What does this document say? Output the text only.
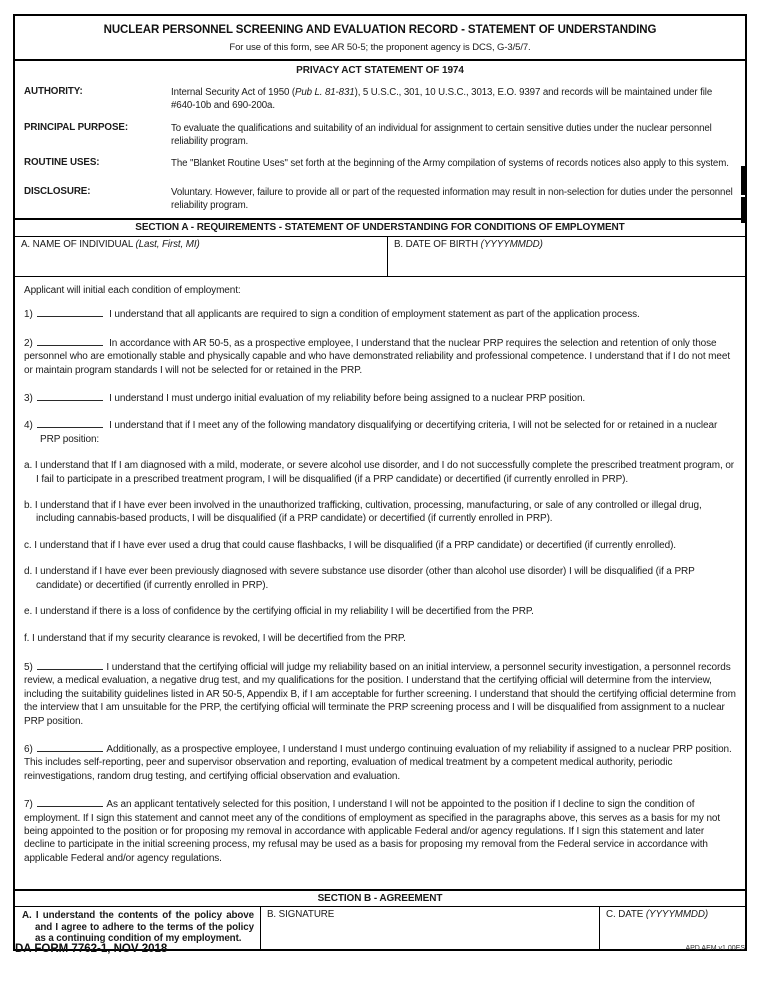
NUCLEAR PERSONNEL SCREENING AND EVALUATION RECORD - STATEMENT OF UNDERSTANDING
For use of this form, see AR 50-5; the proponent agency is DCS, G-3/5/7.
PRIVACY ACT STATEMENT OF 1974
AUTHORITY:	Internal Security Act of 1950 (Pub L. 81-831), 5 U.S.C., 301, 10 U.S.C., 3013, E.O. 9397 and records will be maintained under file #640-10b and 690-200a.
PRINCIPAL PURPOSE:	To evaluate the qualifications and suitability of an individual for assignment to certain sensitive duties under the nuclear personnel reliability program.
ROUTINE USES:	The "Blanket Routine Uses" set forth at the beginning of the Army compilation of systems of records notices also apply to this system.
DISCLOSURE:	Voluntary. However, failure to provide all or part of the requested information may result in non-selection for duties under the personnel reliability program.
SECTION A - REQUIREMENTS - STATEMENT OF UNDERSTANDING FOR CONDITIONS OF EMPLOYMENT
A. NAME OF INDIVIDUAL (Last, First, MI)	B. DATE OF BIRTH (YYYYMMDD)

Applicant will initial each condition of employment:

1)	I understand that all applicants are required to sign a condition of employment statement as part of the application process.

2)	In accordance with AR 50-5, as a prospective employee, I understand that the nuclear PRP requires the selection and retention of only those personnel who are emotionally stable and physically capable and who have demonstrated reliability and professional competence. I understand that if I do not meet or maintain program standards I will not be selected for or retained in the PRP.

3)	I understand I must undergo initial evaluation of my reliability before being assigned to a nuclear PRP position.

4)	I understand that if I meet any of the following mandatory disqualifying or decertifying criteria, I will not be selected for or retained in a nuclear PRP position:

a. I understand that If I am diagnosed with a mild, moderate, or severe alcohol use disorder, and I do not successfully complete the prescribed treatment program, or I fail to participate in a prescribed treatment program, I will be disqualified (if a PRP candidate) or decertified (if currently enrolled in PRP).

b. I understand that if I have ever been involved in the unauthorized trafficking, cultivation, processing, manufacturing, or sale of any controlled or illegal drug, including cannabis-based products, I will be disqualified (if a PRP candidate) or decertified (if currently enrolled in PRP).

c. I understand that if I have ever used a drug that could cause flashbacks, I will be disqualified (if a PRP candidate) or decertified (if currently enrolled).

d. I understand if I have ever been previously diagnosed with severe substance use disorder (other than alcohol use disorder) I will be disqualified (if a PRP candidate) or decertified (if currently enrolled in PRP).

e. I understand if there is a loss of confidence by the certifying official in my reliability I will be decertified from the PRP.

f. I understand that if my security clearance is revoked, I will be decertified from the PRP.

5)	I understand that the certifying official will judge my reliability based on an initial interview, a personnel security investigation, a personnel records review, a medical evaluation, a negative drug test, and my qualifications for the position. I understand that the certifying official will determine from the interview, including the suitability guidelines listed in AR 50-5, Appendix B, if I am acceptable for further screening. I understand that should the certifying official determine from the interview that I am unsuitable for the PRP, the certifying official will terminate the PRP screening process and I will be disqualified from assignment to a nuclear PRP position.

6)	Additionally, as a prospective employee, I understand I must undergo continuing evaluation of my reliability if assigned to a nuclear PRP position. This includes self-reporting, peer and supervisor observation and reporting, evaluation of medical treatment by a competent medical authority, periodic reinvestigations, random drug testing, and certifying official observation and evaluation.

7)	As an applicant tentatively selected for this position, I understand I will not be appointed to the position if I decline to sign the condition of employment. If I sign this statement and cannot meet any of the conditions of employment as specified in the paragraphs above, this serves as a basis for my not being appointed to the position or for proposing my removal in accordance with applicable Federal and/or agency regulations. If I sign this statement and later decline to participate in the initial screening process, my refusal may be used as a basis for proposing my removal from the Federal service in accordance with applicable Federal and/or agency regulations.

SECTION B - AGREEMENT

A. I understand the contents of the policy above and I agree to adhere to the terms of the policy as a continuing condition of my employment.

B. SIGNATURE	C. DATE (YYYYMMDD)
DA FORM 7762-1, NOV 2018	APD AEM v1.00ES
